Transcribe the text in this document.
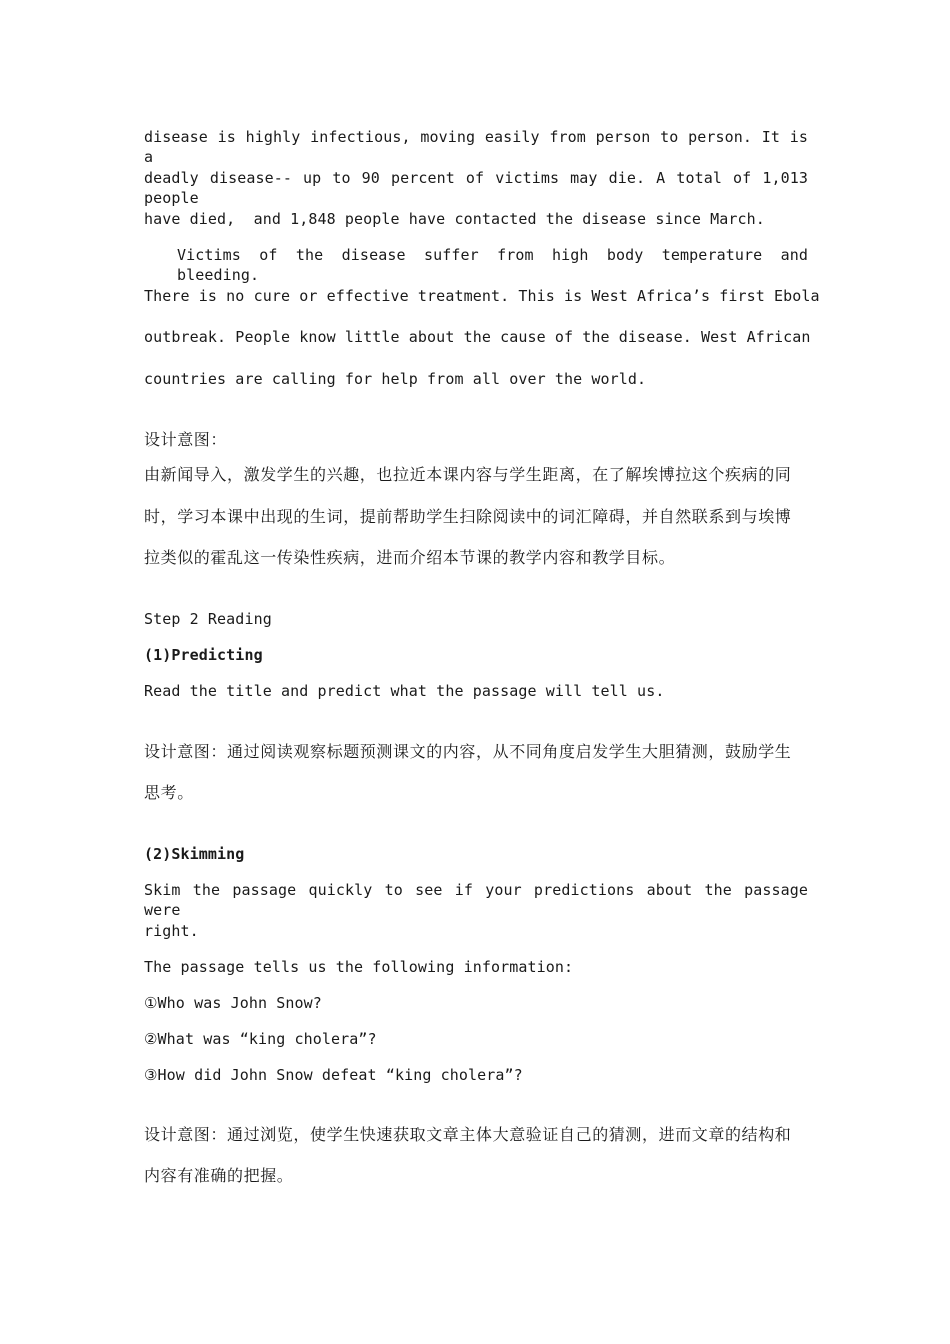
disease is highly infectious, moving easily from person to person. It is a
deadly disease-- up to 90 percent of victims may die. A total of 1,013 people
have died,  and 1,848 people have contacted the disease since March.
Victims of the disease suffer from high body temperature and bleeding.
There is no cure or effective treatment. This is West Africa’s first Ebola
outbreak. People know little about the cause of the disease. West African
countries are calling for help from all over the world.
设计意图：
由新闻导入，激发学生的兴趣，也拉近本课内容与学生距离，在了解埃博拉这个疾病的同
时，学习本课中出现的生词，提前帮助学生扫除阅读中的词汇障碍，并自然联系到与埃博
拉类似的霍乱这一传染性疾病，进而介绍本节课的教学内容和教学目标。
Step 2 Reading
(1)Predicting
Read the title and predict what the passage will tell us.
设计意图：通过阅读观察标题预测课文的内容，从不同角度启发学生大胆猜测，鼓励学生
思考。
(2)Skimming
Skim the passage quickly to see if your predictions about the passage were
right.
The passage tells us the following information:
①Who was John Snow?
②What was “king cholera”?
③How did John Snow defeat “king cholera”?
设计意图：通过浏览，使学生快速获取文章主体大意验证自己的猜测，进而文章的结构和
内容有准确的把握。
